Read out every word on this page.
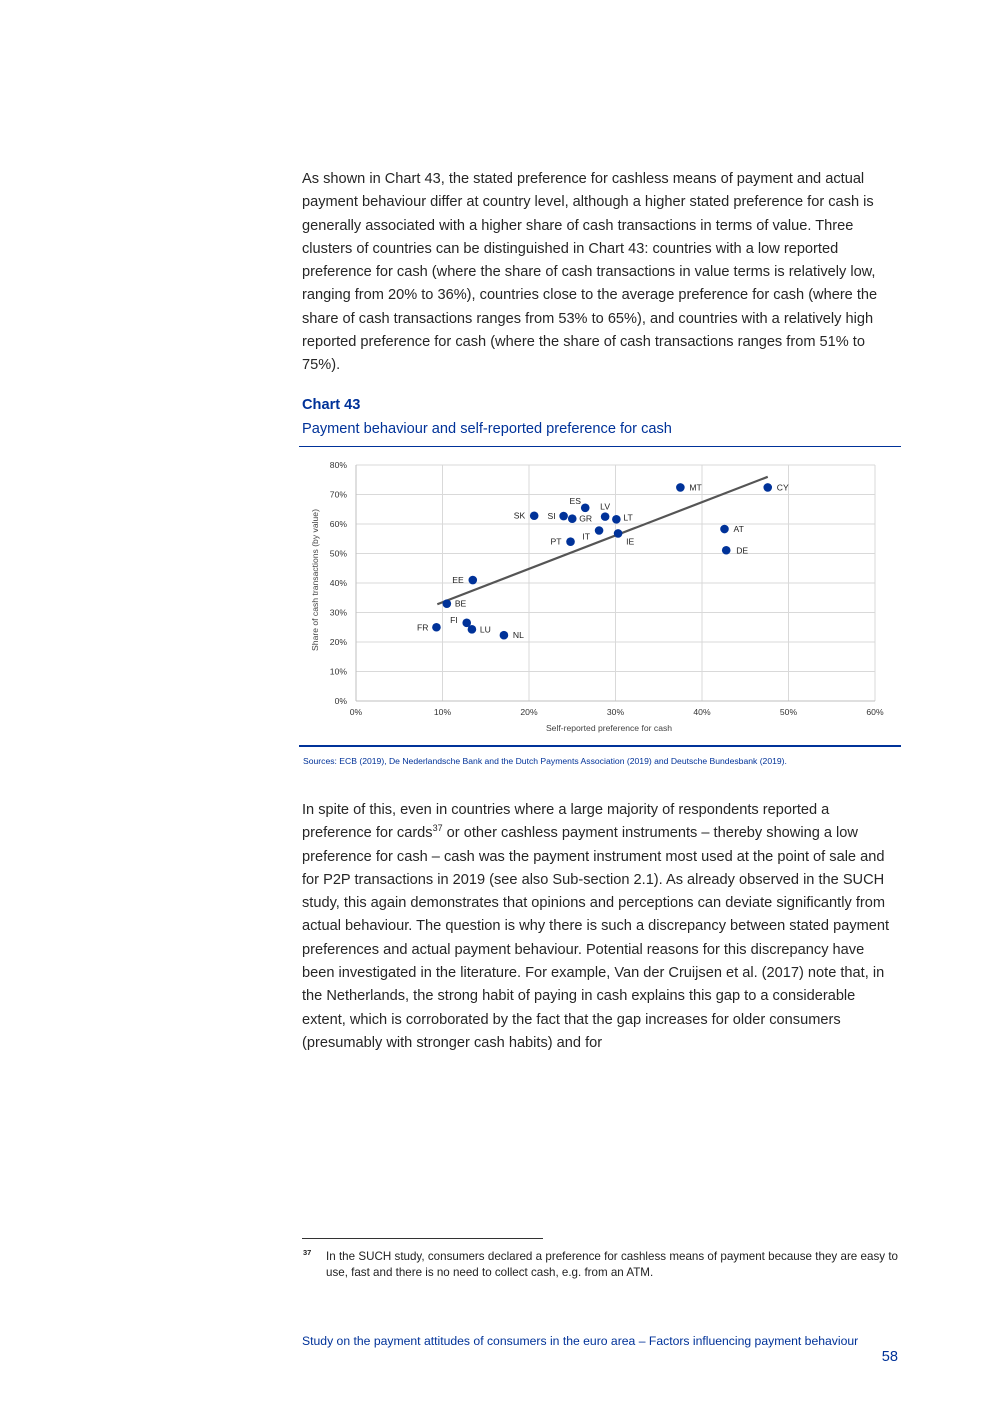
As shown in Chart 43, the stated preference for cashless means of payment and actual payment behaviour differ at country level, although a higher stated preference for cash is generally associated with a higher share of cash transactions in terms of value. Three clusters of countries can be distinguished in Chart 43: countries with a low reported preference for cash (where the share of cash transactions in value terms is relatively low, ranging from 20% to 36%), countries close to the average preference for cash (where the share of cash transactions ranges from 53% to 65%), and countries with a relatively high reported preference for cash (where the share of cash transactions ranges from 51% to 75%).

Chart 43
Payment behaviour and self-reported preference for cash
0%
10%
20%
30%
40%
50%
60%
70%
80%
0%	10%	20%	30%	40%	50%	60%
FR
BE
FI
EE
LU
NL
SK	SI	GR
ES
PT
IT
LV
LT
IE
MT
AT
DE
CY
Self-reported preference for cash
Share of cash transactions (by value)
Sources: ECB (2019), De Nederlandsche Bank and the Dutch Payments Association (2019) and Deutsche Bundesbank (2019).

In spite of this, even in countries where a large majority of respondents reported a preference for cards$^{37}$ or other cashless payment instruments – thereby showing a low preference for cash – cash was the payment instrument most used at the point of sale and for P2P transactions in 2019 (see also Sub-section 2.1). As already observed in the SUCH study, this again demonstrates that opinions and perceptions can deviate significantly from actual behaviour. The question is why there is such a discrepancy between stated payment preferences and actual payment behaviour. Potential reasons for this discrepancy have been investigated in the literature. For example, Van der Cruijsen et al. (2017) note that, in the Netherlands, the strong habit of paying in cash explains this gap to a considerable extent, which is corroborated by the fact that the gap increases for older consumers (presumably with stronger cash habits) and for

37 In the SUCH study, consumers declared a preference for cashless means of payment because they are easy to use, fast and there is no need to collect cash, e.g. from an ATM.

Study on the payment attitudes of consumers in the euro area – Factors influencing payment behaviour

58
